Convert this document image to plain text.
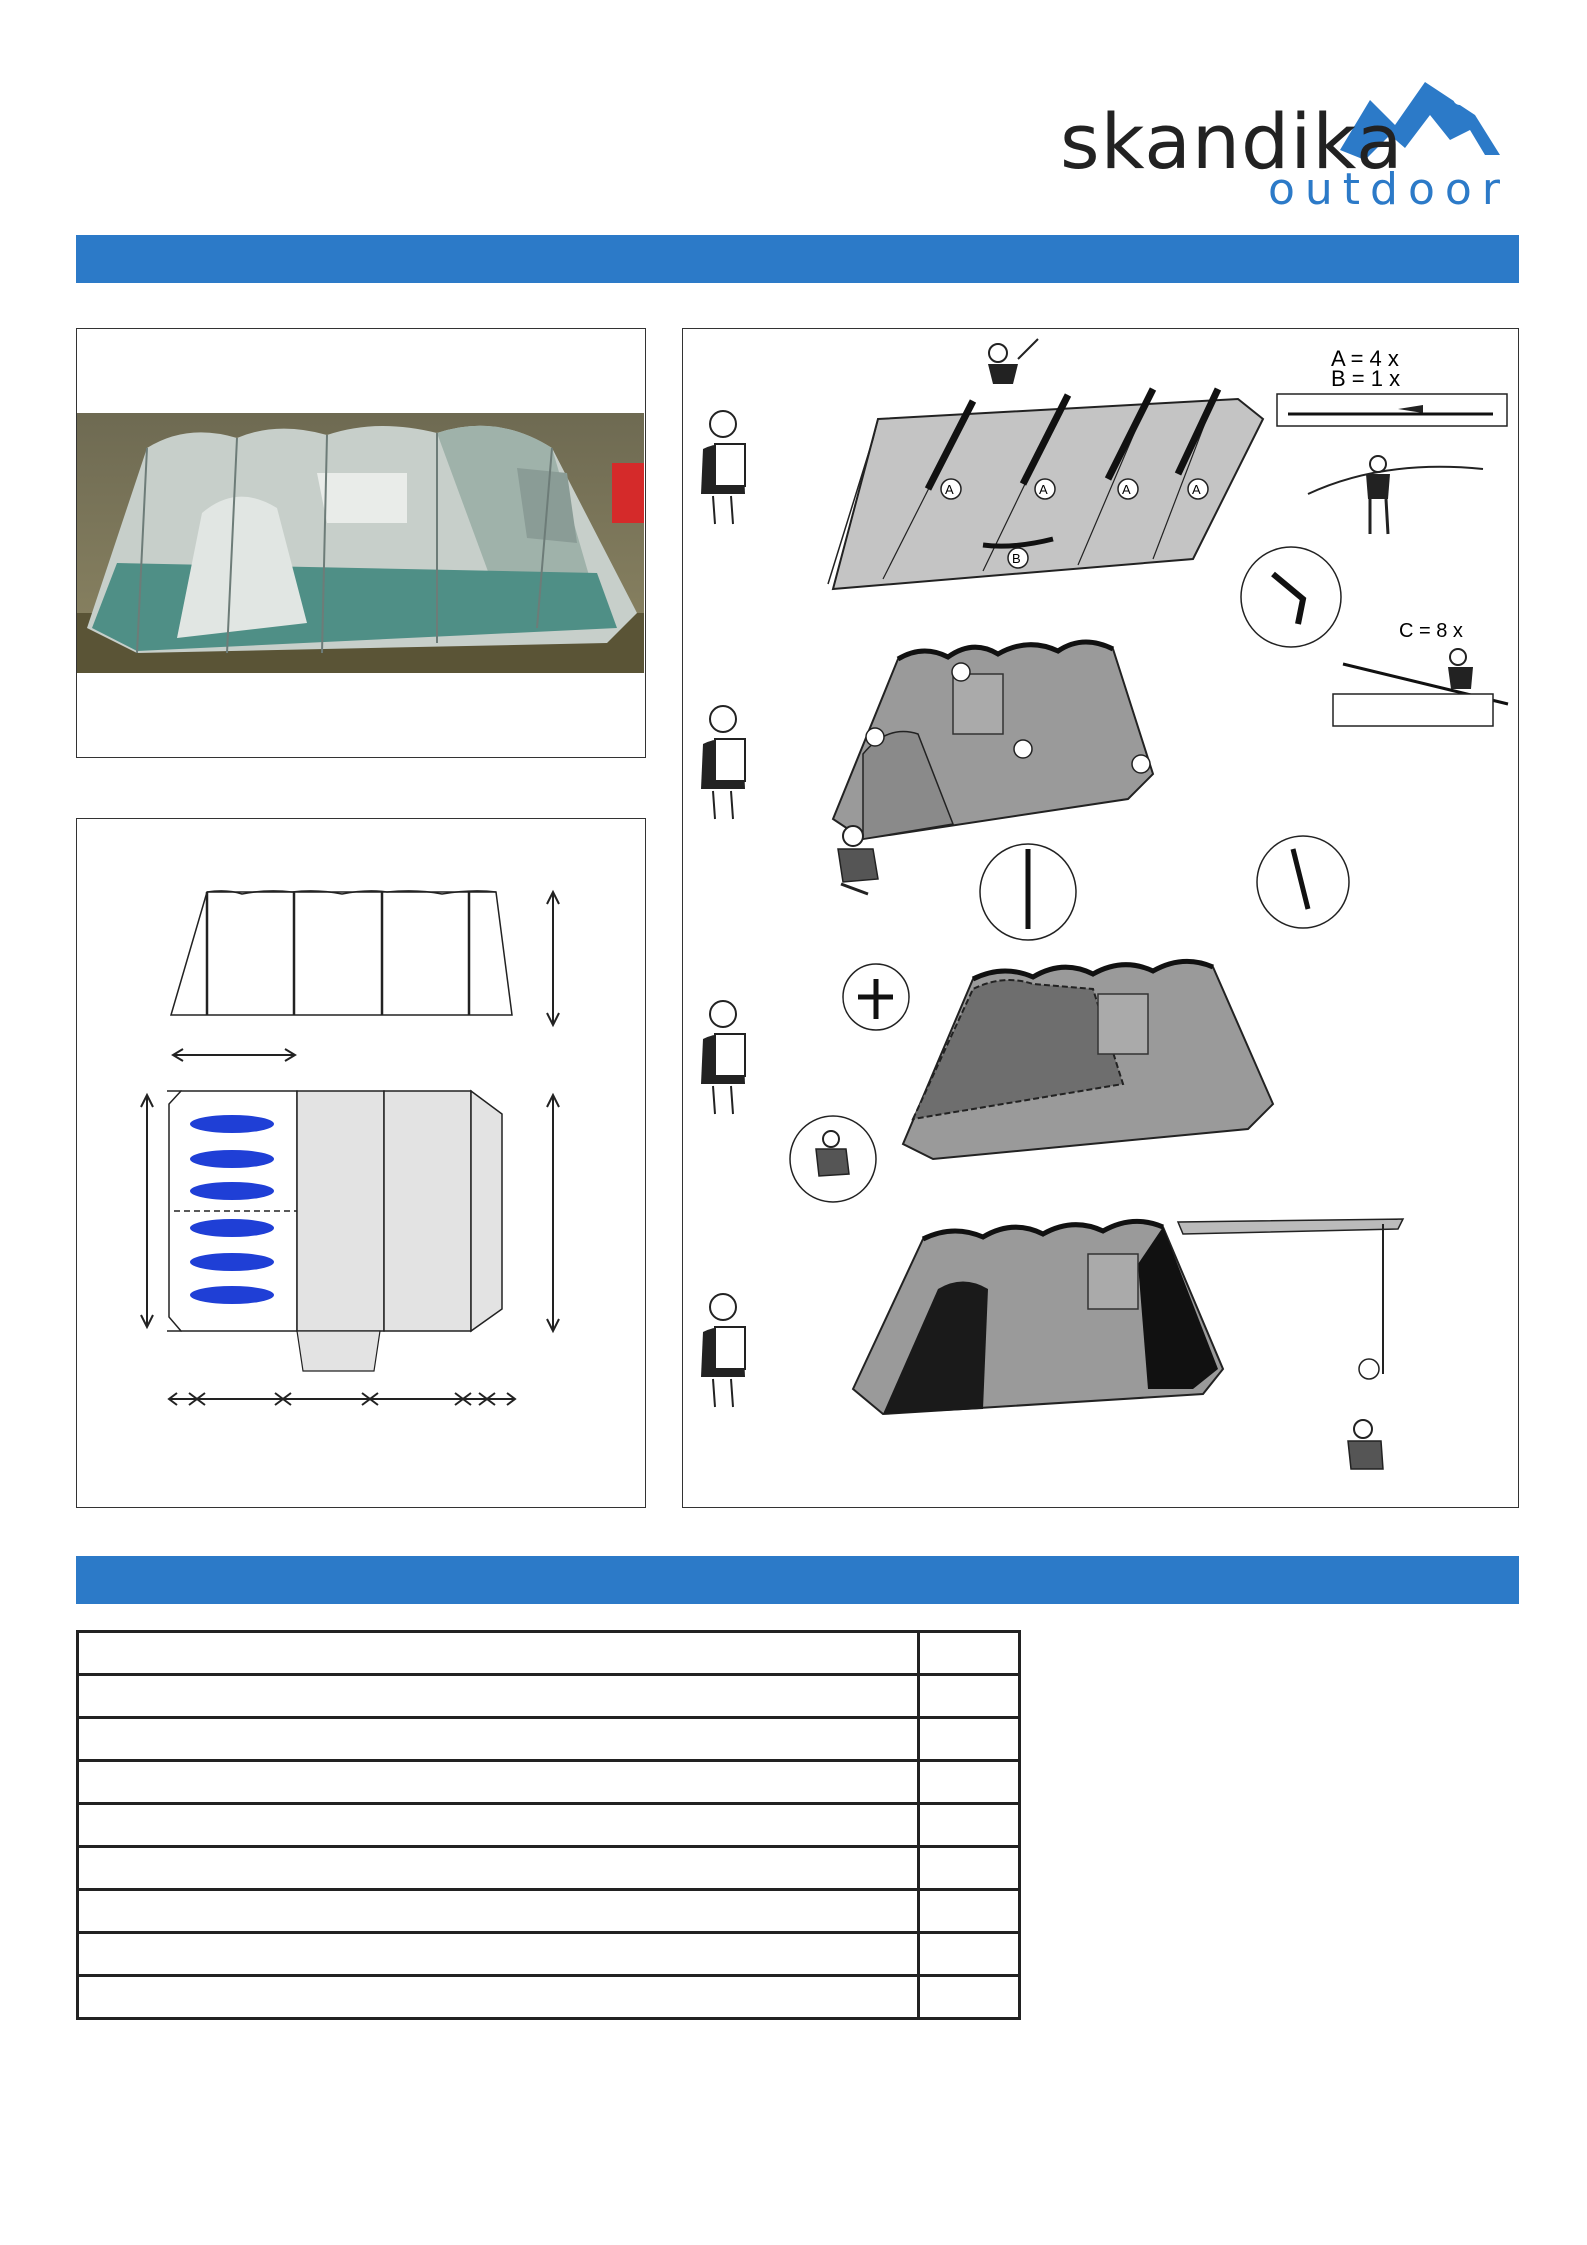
skandika
outdoor
A	A	A	A
B
A = 4 x
B = 1 x
C = 8 x
